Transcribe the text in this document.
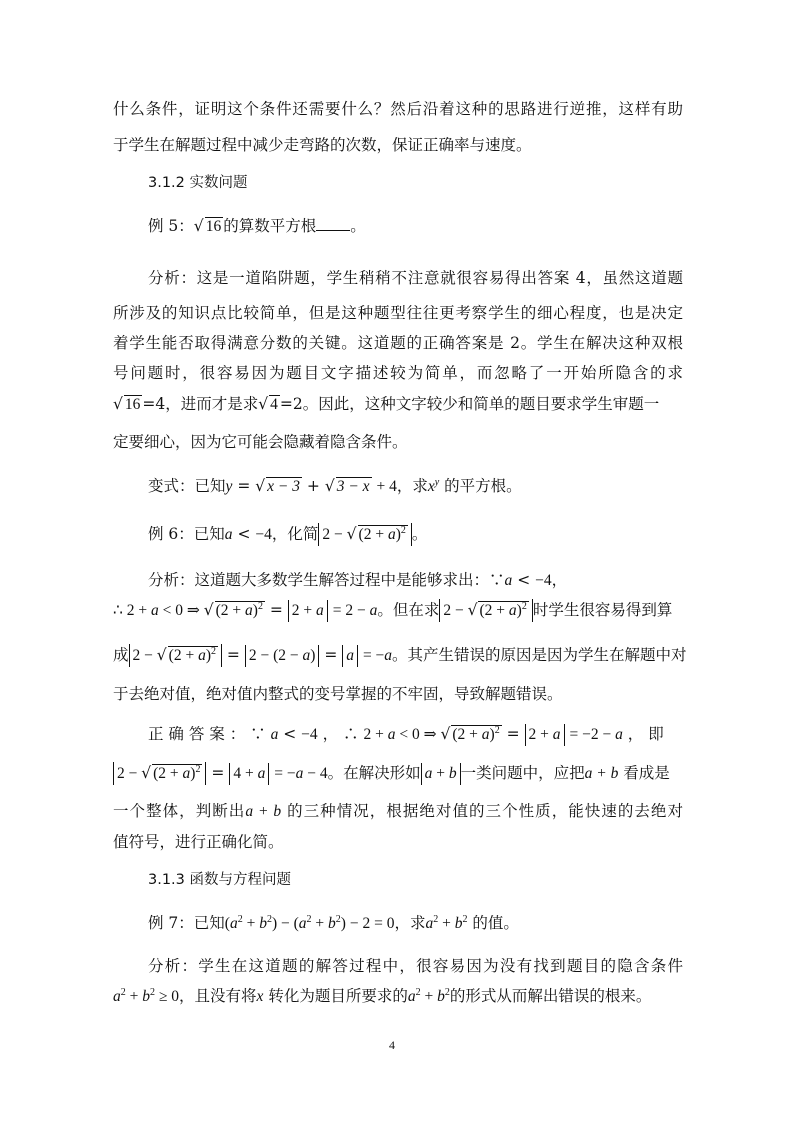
什么条件，证明这个条件还需要什么？然后沿着这种的思路进行逆推，这样有助
于学生在解题过程中减少走弯路的次数，保证正确率与速度。
3.1.2 实数问题
例 5：√ 16 的算数平方根 。
分析：这是一道陷阱题，学生稍稍不注意就很容易得出答案 4，虽然这道题
所涉及的知识点比较简单，但是这种题型往往更考察学生的细心程度，也是决定
着学生能否取得满意分数的关键。这道题的正确答案是 2。学生在解决这种双根
号问题时，很容易因为题目文字描述较为简单，而忽略了一开始所隐含的求
√ 16 =4，进而才是求√ 4 =2。因此，这种文字较少和简单的题目要求学生审题一
定要细心，因为它可能会隐藏着隐含条件。
变式：已知y = √ x − 3 + √ 3 − x + 4，求$x^y$ 的平方根。
例 6：已知a < −4，化简 2 − √ $(2 + a)^2$ 。
分析：这道题大多数学生解答过程中是能够求出：∵a < −4，
∴ 2 + a < 0 ⇒ √ $(2 + a)^2 = 2 + a = 2 - a$。但在求 2 − √ $(2 + a)^2$ 时学生很容易得到算
成 2 − √ $(2 + a)^2 = 2 - (2 - a) = a = -a$。其产生错误的原因是因为学生在解题中对
于去绝对值，绝对值内整式的变号掌握的不牢固，导致解题错误。
正 确 答 案 ： ∵ a < −4 ， ∴ 2 + a < 0 ⇒ √ $(2 + a)^2 = 2 + a = -2 - a$ ， 即
2 − √ $(2 + a)^2 = 4 + a = -a - 4$。在解决形如 a + b 一类问题中，应把a + b 看成是
一个整体，判断出a + b 的三种情况，根据绝对值的三个性质，能快速的去绝对
值符号，进行正确化简。
3.1.3 函数与方程问题
例 7：已知$(a^2 + b^2) - (a^2 + b^2) - 2 = 0$，求$a^2 + b^2$ 的值。
分析：学生在这道题的解答过程中，很容易因为没有找到题目的隐含条件
$a^2 + b^2 \ge 0$，且没有将x 转化为题目所要求的$a^2 + b^2$的形式从而解出错误的根来。
4
